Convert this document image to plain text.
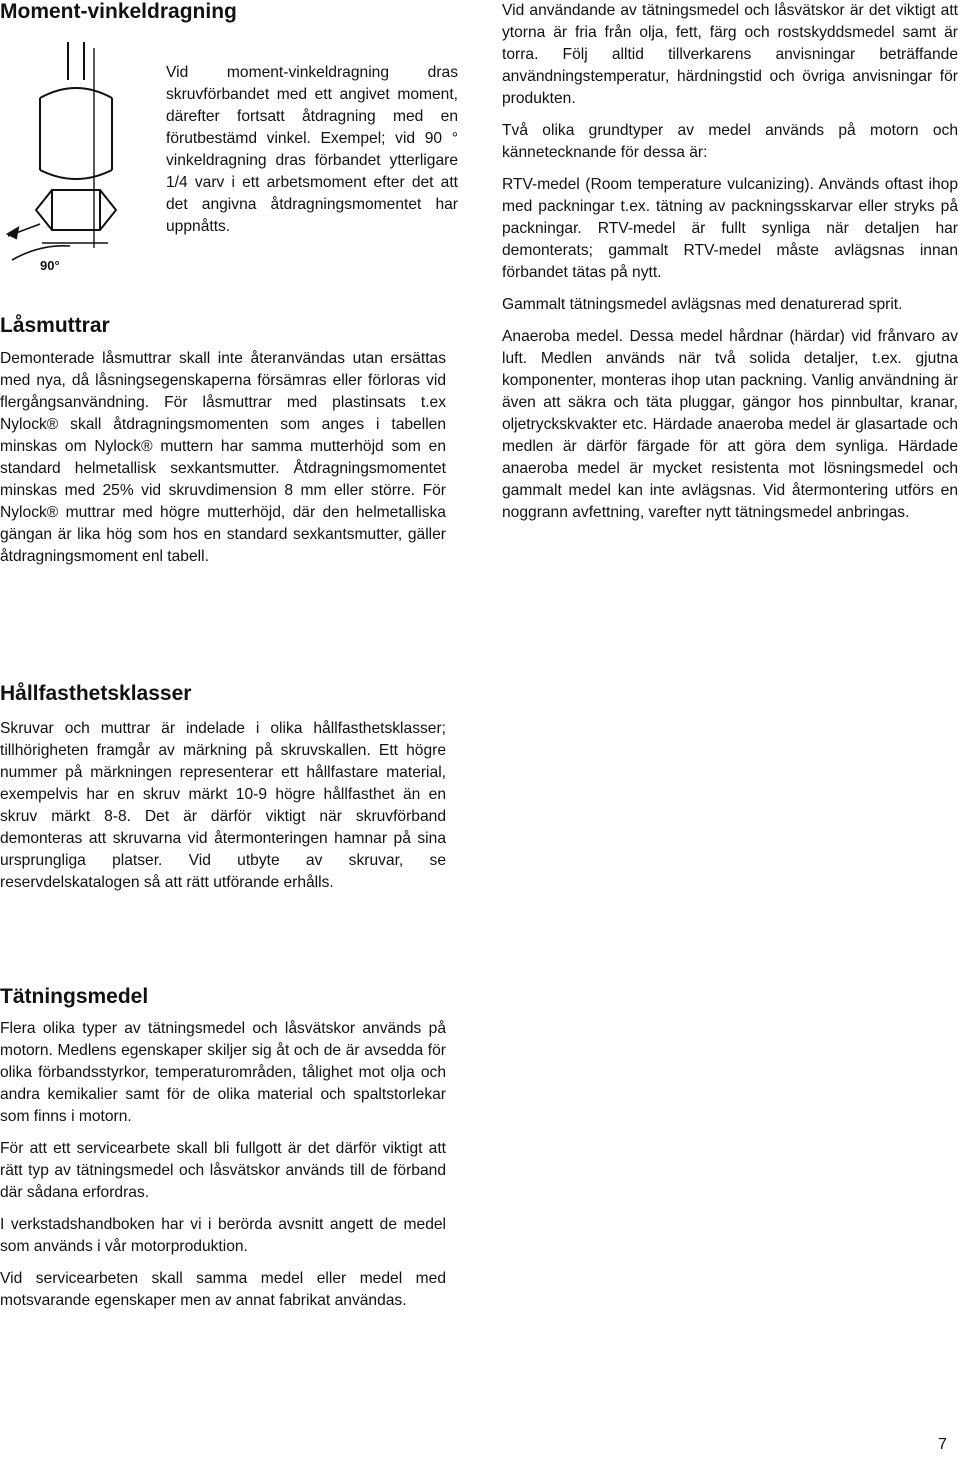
Moment-vinkeldragning
90°

Vid moment-vinkeldragning dras skruvförbandet med ett angivet moment, därefter fortsatt åtdragning med en förutbestämd vinkel. Exempel; vid 90 ° vinkeldragning dras förbandet ytterligare 1/4 varv i ett arbetsmoment efter det att det angivna åtdragningsmomentet har uppnåtts.

Låsmuttrar

Demonterade låsmuttrar skall inte återanvändas utan ersättas med nya, då låsningsegenskaperna försämras eller förloras vid flergångsanvändning. För låsmuttrar med plastinsats t.ex Nylock® skall åtdragningsmomenten som anges i tabellen minskas om Nylock® muttern har samma mutterhöjd som en standard helmetallisk sexkantsmutter. Åtdragningsmomentet minskas med 25% vid skruvdimension 8 mm eller större. För Nylock® muttrar med högre mutterhöjd, där den helmetalliska gängan är lika hög som hos en standard sexkantsmutter, gäller åtdragningsmoment enl tabell.

Vid användande av tätningsmedel och låsvätskor är det viktigt att ytorna är fria från olja, fett, färg och rostskyddsmedel samt är torra. Följ alltid tillverkarens anvisningar beträffande användningstemperatur, härdningstid och övriga anvisningar för produkten.

Två olika grundtyper av medel används på motorn och kännetecknande för dessa är:

RTV-medel (Room temperature vulcanizing). Används oftast ihop med packningar t.ex. tätning av packningsskarvar eller stryks på packningar. RTV-medel är fullt synliga när detaljen har demonterats; gammalt RTV-medel måste avlägsnas innan förbandet tätas på nytt.

Gammalt tätningsmedel avlägsnas med denaturerad sprit.

Anaeroba medel. Dessa medel hårdnar (härdar) vid frånvaro av luft. Medlen används när två solida detaljer, t.ex. gjutna komponenter, monteras ihop utan packning. Vanlig användning är även att säkra och täta pluggar, gängor hos pinnbultar, kranar, oljetryckskvakter etc. Härdade anaeroba medel är glasartade och medlen är därför färgade för att göra dem synliga. Härdade anaeroba medel är mycket resistenta mot lösningsmedel och gammalt medel kan inte avlägsnas. Vid återmontering utförs en noggrann avfettning, varefter nytt tätningsmedel anbringas.

Hållfasthetsklasser

Skruvar och muttrar är indelade i olika hållfasthetsklasser; tillhörigheten framgår av märkning på skruvskallen. Ett högre nummer på märkningen representerar ett hållfastare material, exempelvis har en skruv märkt 10-9 högre hållfasthet än en skruv märkt 8-8. Det är därför viktigt när skruvförband demonteras att skruvarna vid återmonteringen hamnar på sina ursprungliga platser. Vid utbyte av skruvar, se reservdelskatalogen så att rätt utförande erhålls.

Tätningsmedel

Flera olika typer av tätningsmedel och låsvätskor används på motorn. Medlens egenskaper skiljer sig åt och de är avsedda för olika förbandsstyrkor, temperaturområden, tålighet mot olja och andra kemikalier samt för de olika material och spaltstorlekar som finns i motorn.

För att ett servicearbete skall bli fullgott är det därför viktigt att rätt typ av tätningsmedel och låsvätskor används till de förband där sådana erfordras.

I verkstadshandboken har vi i berörda avsnitt angett de medel som används i vår motorproduktion.

Vid servicearbeten skall samma medel eller medel med motsvarande egenskaper men av annat fabrikat användas.

7
